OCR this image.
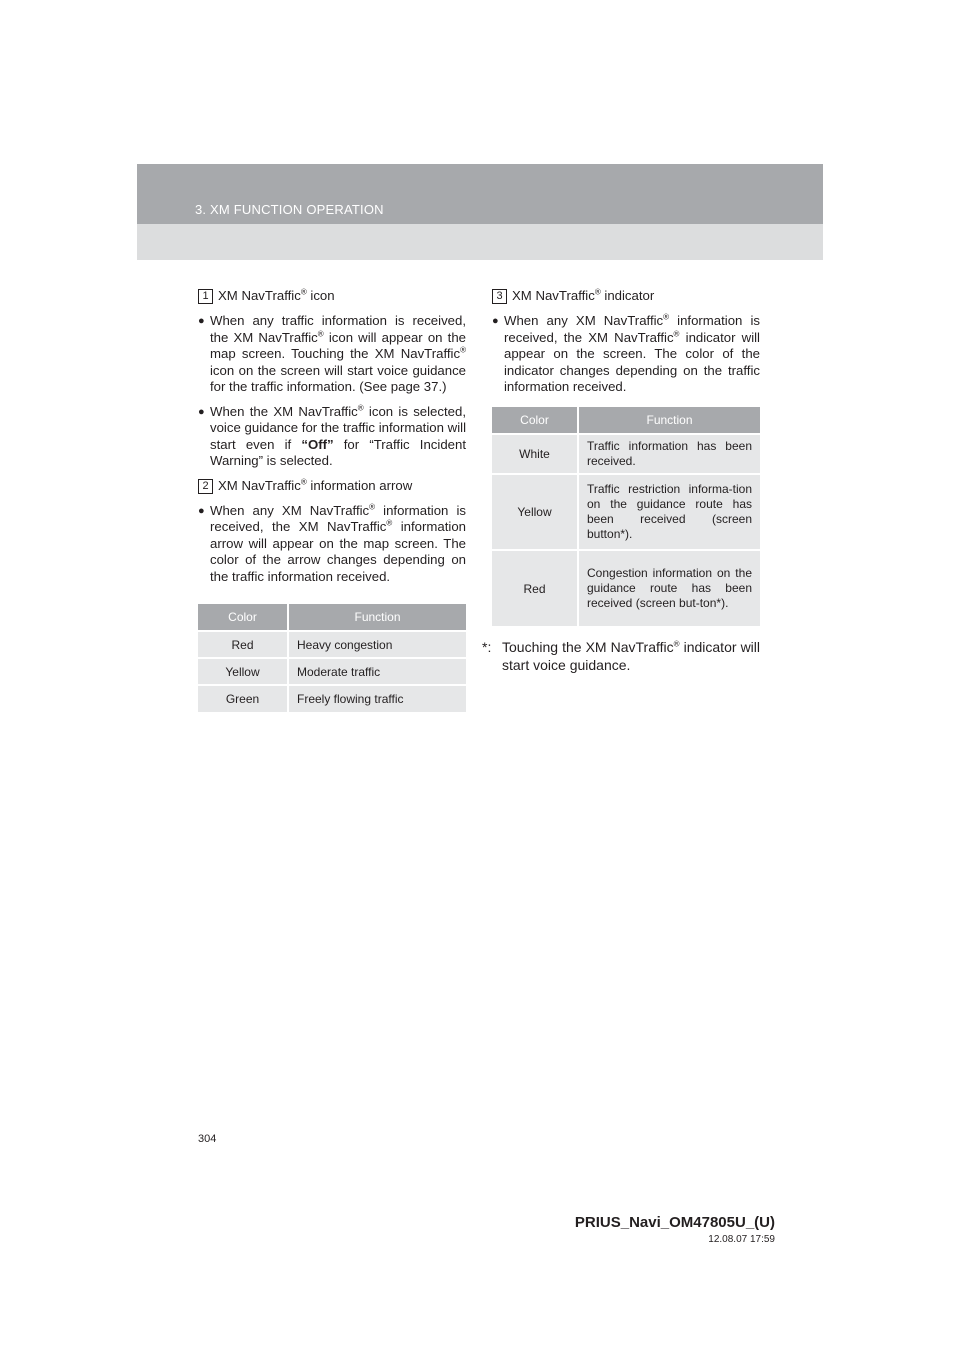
3. XM FUNCTION OPERATION
1 XM NavTraffic® icon
● When any traffic information is received, the XM NavTraffic® icon will appear on the map screen. Touching the XM NavTraffic® icon on the screen will start voice guidance for the traffic information. (See page 37.)
● When the XM NavTraffic® icon is selected, voice guidance for the traffic information will start even if “Off” for “Traffic Incident Warning” is selected.
2 XM NavTraffic® information arrow
● When any XM NavTraffic® information is received, the XM NavTraffic® information arrow will appear on the map screen. The color of the arrow changes depending on the traffic information received.
Color	Function
Red	Heavy congestion
Yellow	Moderate traffic
Green	Freely flowing traffic
3 XM NavTraffic® indicator
● When any XM NavTraffic® information is received, the XM NavTraffic® indicator will appear on the screen. The color of the indicator changes depending on the traffic information received.
Color	Function
White	Traffic information has been received.
Yellow	Traffic restriction informa-tion on the guidance route has been received (screen button*).
Red	Congestion information on the guidance route has been received (screen but-ton*).
*: Touching the XM NavTraffic® indicator will start voice guidance.
304
PRIUS_Navi_OM47805U_(U)
12.08.07 17:59
